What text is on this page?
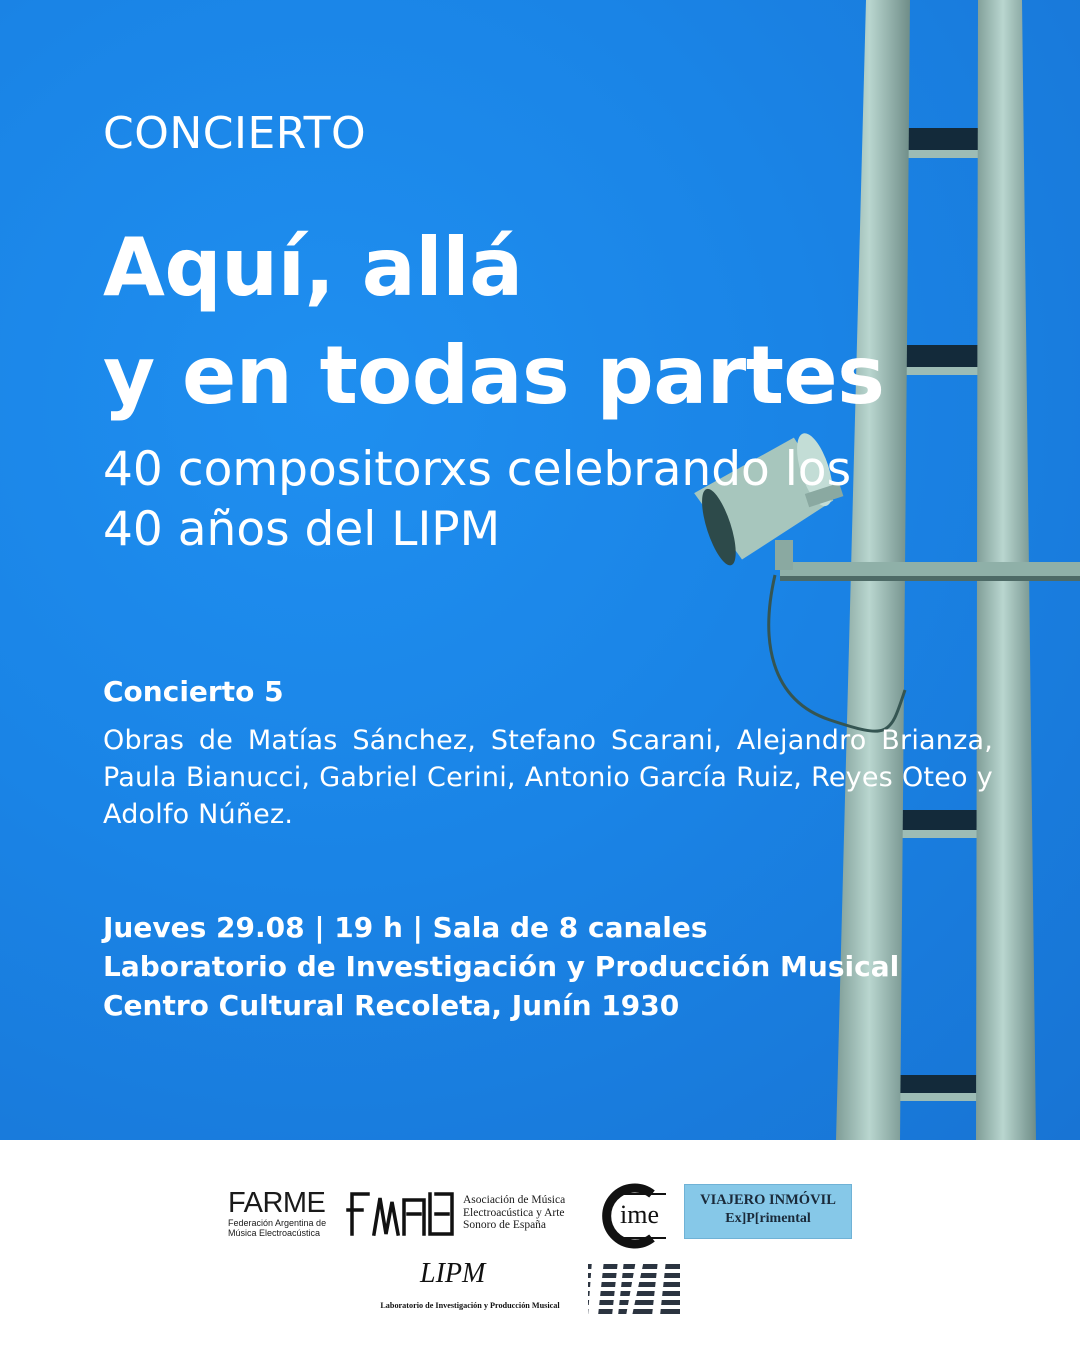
CONCIERTO
Aquí, allá
y en todas partes
40 compositorxs celebrando los
40 años del LIPM
Concierto 5
Obras de Matías Sánchez, Stefano Scarani, Alejandro Brianza, Paula Bianucci, Gabriel Cerini, Antonio García Ruiz, Reyes Oteo y Adolfo Núñez.
Jueves 29.08 | 19 h | Sala de 8 canales
Laboratorio de Investigación y Producción Musical
Centro Cultural Recoleta, Junín 1930
FARME
Federación Argentina de
Música Electroacústica
Asociación de Música
Electroacústica y Arte
Sonoro de España	ime	VIAJERO INMÓVIL
Ex]P[rimental
LIPM
Laboratorio de Investigación y Producción Musical
